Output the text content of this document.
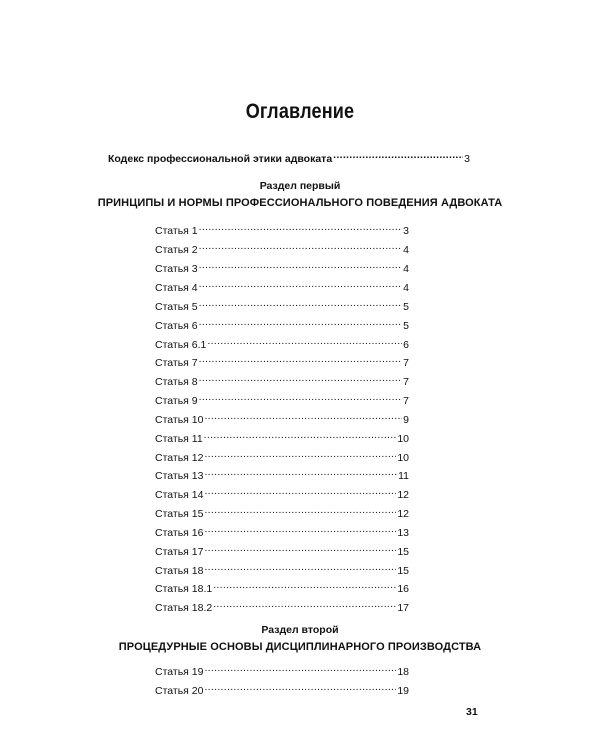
Оглавление
Кодекс профессиональной этики адвоката .....	3
Раздел первый
ПРИНЦИПЫ И НОРМЫ ПРОФЕССИОНАЛЬНОГО ПОВЕДЕНИЯ АДВОКАТА
Статья 1 .....	3
Статья 2 .....	4
Статья 3 .....	4
Статья 4 .....	4
Статья 5 .....	5
Статья 6 .....	5
Статья 6.1 .....	6
Статья 7 .....	7
Статья 8 .....	7
Статья 9 .....	7
Статья 10 .....	9
Статья 11 .....	10
Статья 12 .....	10
Статья 13 .....	11
Статья 14 .....	12
Статья 15 .....	12
Статья 16 .....	13
Статья 17 .....	15
Статья 18 .....	15
Статья 18.1 .....	16
Статья 18.2 .....	17
Раздел второй
ПРОЦЕДУРНЫЕ ОСНОВЫ ДИСЦИПЛИНАРНОГО ПРОИЗВОДСТВА
Статья 19 .....	18
Статья 20 .....	19
31
